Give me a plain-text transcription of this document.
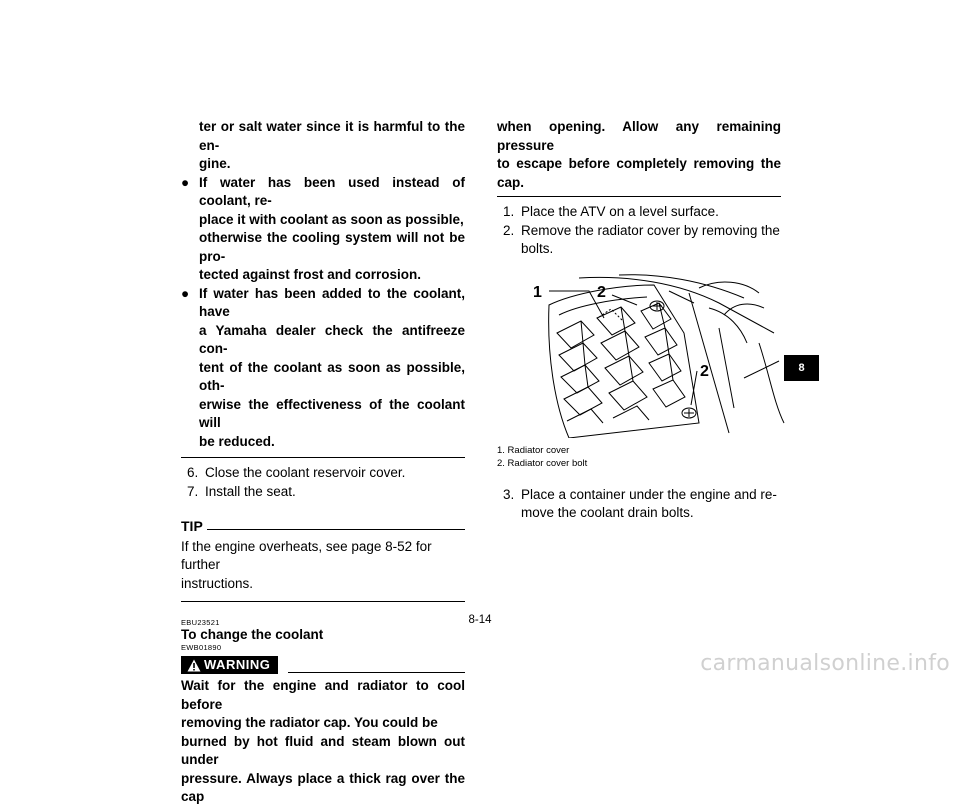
ter or salt water since it is harmful to the en-
gine.
● If water has been used instead of coolant, re-
place it with coolant as soon as possible,
otherwise the cooling system will not be pro-
tected against frost and corrosion.
● If water has been added to the coolant, have
a Yamaha dealer check the antifreeze con-
tent of the coolant as soon as possible, oth-
erwise the effectiveness of the coolant will
be reduced.
6. Close the coolant reservoir cover.
7. Install the seat.
TIP
If the engine overheats, see page 8-52 for further
instructions.
EBU23521
To change the coolant
EWB01890
WARNING
Wait for the engine and radiator to cool before
removing the radiator cap. You could be
burned by hot fluid and steam blown out under
pressure. Always place a thick rag over the cap
when opening. Allow any remaining pressure
to escape before completely removing the cap.
1. Place the ATV on a level surface.
2. Remove the radiator cover by removing the
bolts.
1	2
2
1. Radiator cover
2. Radiator cover bolt
3. Place a container under the engine and re-
move the coolant drain bolts.
8
8-14
carmanualsonline.info
